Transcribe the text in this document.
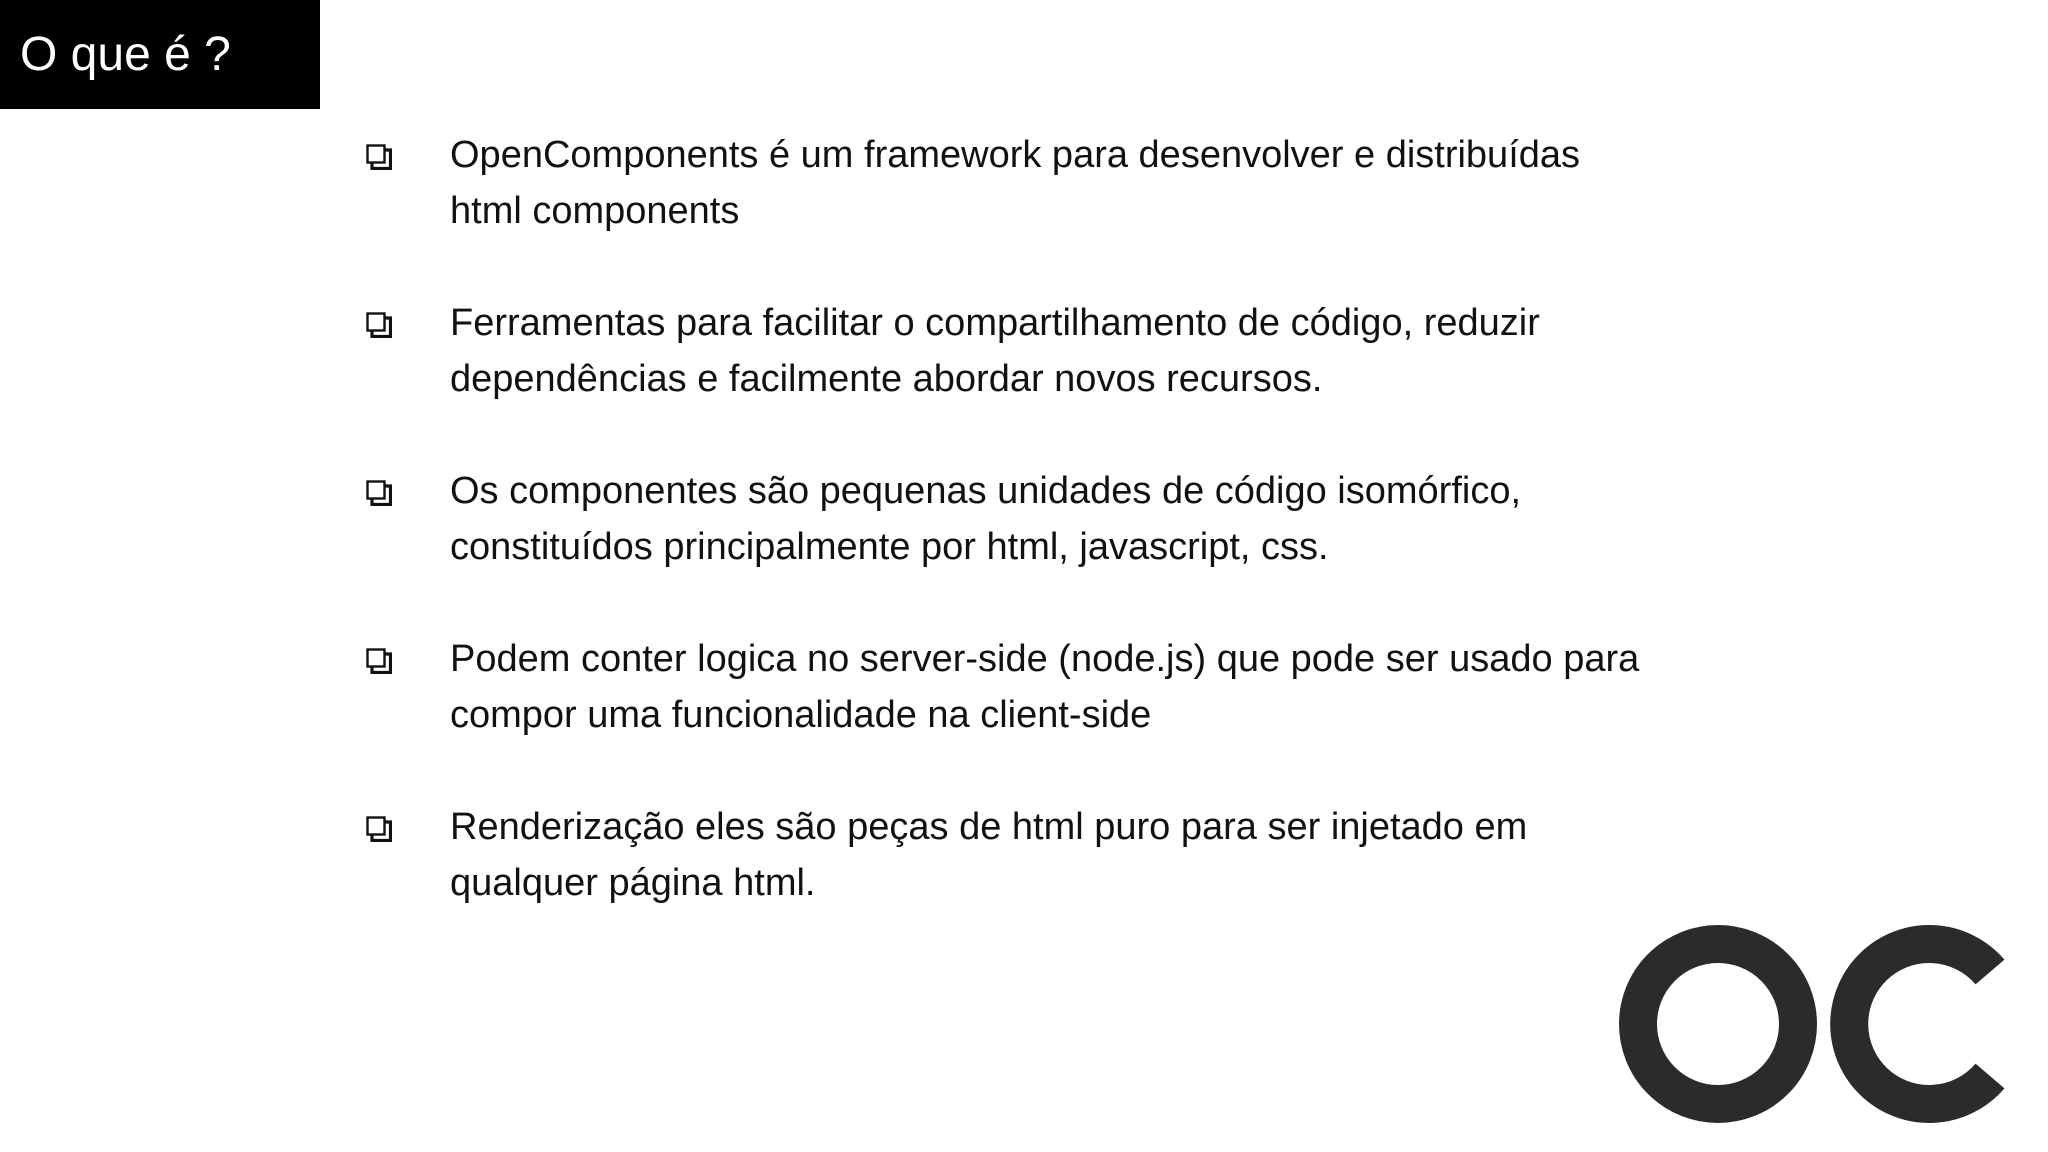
O que é ?
OpenComponents é um framework para desenvolver e distribuídas html components
Ferramentas para facilitar o compartilhamento de código, reduzir dependências e facilmente abordar novos recursos.
Os componentes são pequenas unidades de código isomórfico, constituídos principalmente por html, javascript, css.
Podem conter logica no server-side (node.js) que pode ser usado para compor uma funcionalidade na client-side
Renderização eles são peças de html puro para ser injetado em qualquer página html.
